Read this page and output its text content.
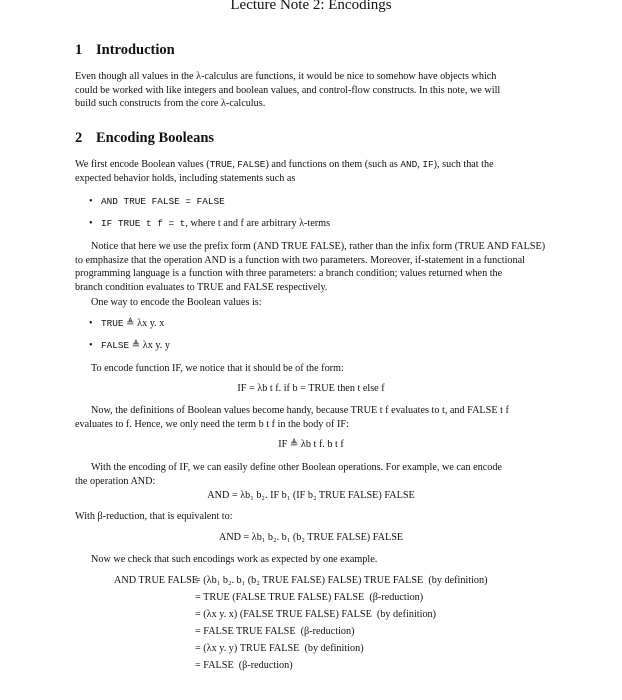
Lecture Note 2: Encodings
1 Introduction
Even though all values in the λ-calculus are functions, it would be nice to somehow have objects which
could be worked with like integers and boolean values, and control-flow constructs. In this note, we will
build such constructs from the core λ-calculus.
2 Encoding Booleans
We first encode Boolean values (TRUE, FALSE) and functions on them (such as AND, IF), such that the
expected behavior holds, including statements such as
• AND TRUE FALSE = FALSE
• IF TRUE t f = t, where t and f are arbitrary λ-terms
Notice that here we use the prefix form (AND TRUE FALSE), rather than the infix form (TRUE AND FALSE)
to emphasize that the operation AND is a function with two parameters. Moreover, if-statement in a functional
programming language is a function with three parameters: a branch condition; values returned when the
branch condition evaluates to TRUE and FALSE respectively.
One way to encode the Boolean values is:
• TRUE ≜ λx y. x
• FALSE ≜ λx y. y
To encode function IF, we notice that it should be of the form:
IF = λb t f. if b = TRUE then t else f
Now, the definitions of Boolean values become handy, because TRUE t f evaluates to t, and FALSE t f
evaluates to f. Hence, we only need the term b t f in the body of IF:
IF ≜ λb t f. b t f
With the encoding of IF, we can easily define other Boolean operations. For example, we can encode
the operation AND:
AND = λb₁ b₂. IF b₁ (IF b₂ TRUE FALSE) FALSE
With β-reduction, that is equivalent to:
AND = λb₁ b₂. b₁ (b₂ TRUE FALSE) FALSE
Now we check that such encodings work as expected by one example.
AND TRUE FALSE
= (λb₁ b₂. b₁ (b₂ TRUE FALSE) FALSE) TRUE FALSE (by definition)
= TRUE (FALSE TRUE FALSE) FALSE (β-reduction)
= (λx y. x) (FALSE TRUE FALSE) FALSE (by definition)
= FALSE TRUE FALSE (β-reduction)
= (λx y. y) TRUE FALSE (by definition)
= FALSE (β-reduction)
